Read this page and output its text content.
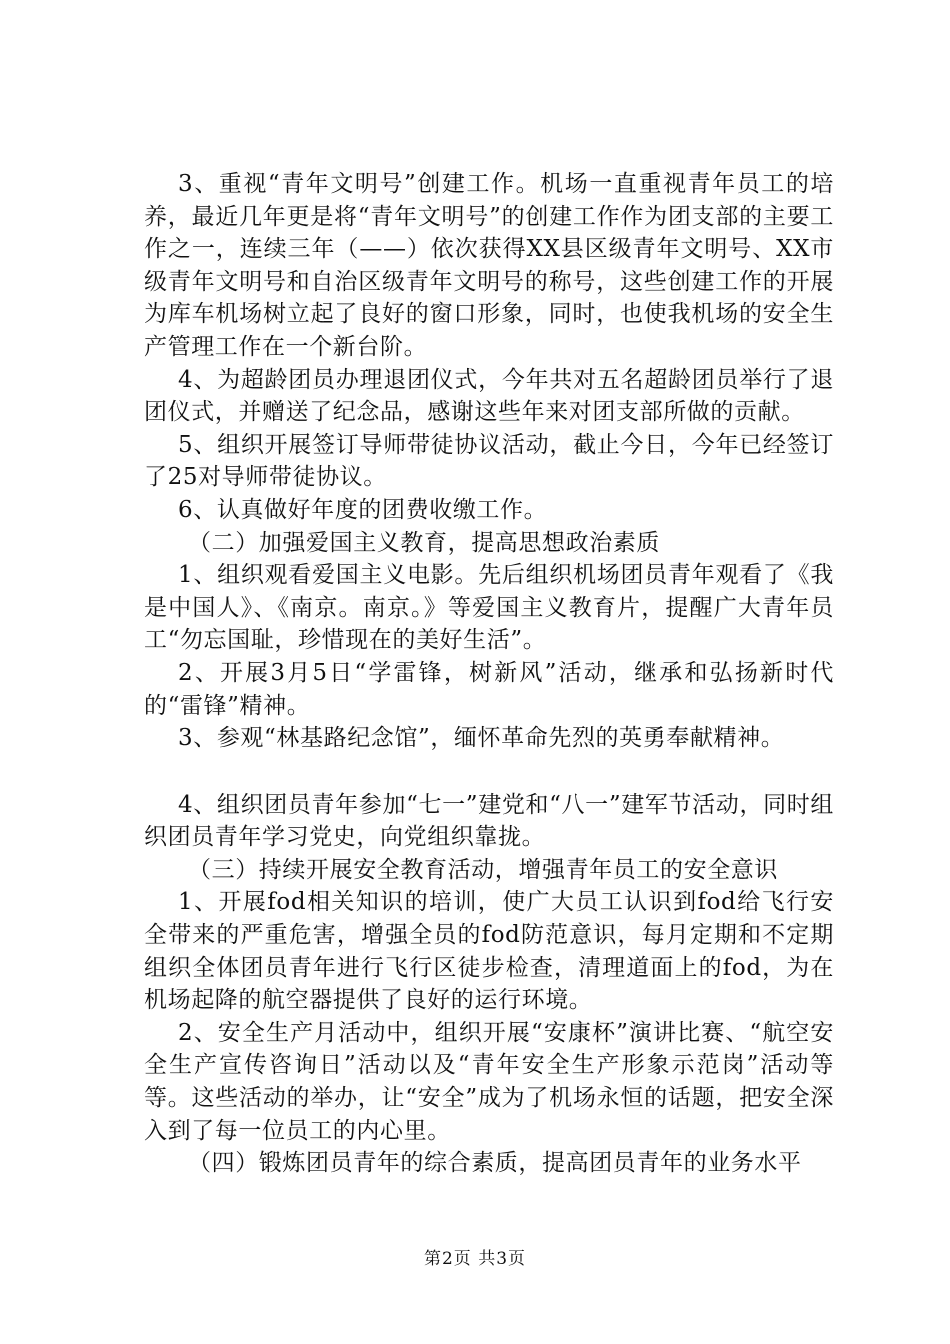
3、重视“青年文明号”创建工作。机场一直重视青年员工的培养，最近几年更是将“青年文明号”的创建工作作为团支部的主要工作之一，连续三年（——）依次获得XX县区级青年文明号、XX市级青年文明号和自治区级青年文明号的称号，这些创建工作的开展为库车机场树立起了良好的窗口形象，同时，也使我机场的安全生产管理工作在一个新台阶。

4、为超龄团员办理退团仪式，今年共对五名超龄团员举行了退团仪式，并赠送了纪念品，感谢这些年来对团支部所做的贡献。

5、组织开展签订导师带徒协议活动，截止今日，今年已经签订了25对导师带徒协议。

6、认真做好年度的团费收缴工作。

（二）加强爱国主义教育，提高思想政治素质

1、组织观看爱国主义电影。先后组织机场团员青年观看了《我是中国人》、《南京。南京。》等爱国主义教育片，提醒广大青年员工“勿忘国耻，珍惜现在的美好生活”。

2、开展3月5日“学雷锋，树新风”活动，继承和弘扬新时代的“雷锋”精神。

3、参观“林基路纪念馆”，缅怀革命先烈的英勇奉献精神。

4、组织团员青年参加“七一”建党和“八一”建军节活动，同时组织团员青年学习党史，向党组织靠拢。

（三）持续开展安全教育活动，增强青年员工的安全意识

1、开展fod相关知识的培训，使广大员工认识到fod给飞行安全带来的严重危害，增强全员的fod防范意识，每月定期和不定期组织全体团员青年进行飞行区徒步检查，清理道面上的fod，为在机场起降的航空器提供了良好的运行环境。

2、安全生产月活动中，组织开展“安康杯”演讲比赛、“航空安全生产宣传咨询日”活动以及“青年安全生产形象示范岗”活动等等。这些活动的举办，让“安全”成为了机场永恒的话题，把安全深入到了每一位员工的内心里。

（四）锻炼团员青年的综合素质，提高团员青年的业务水平

第2页 共3页
